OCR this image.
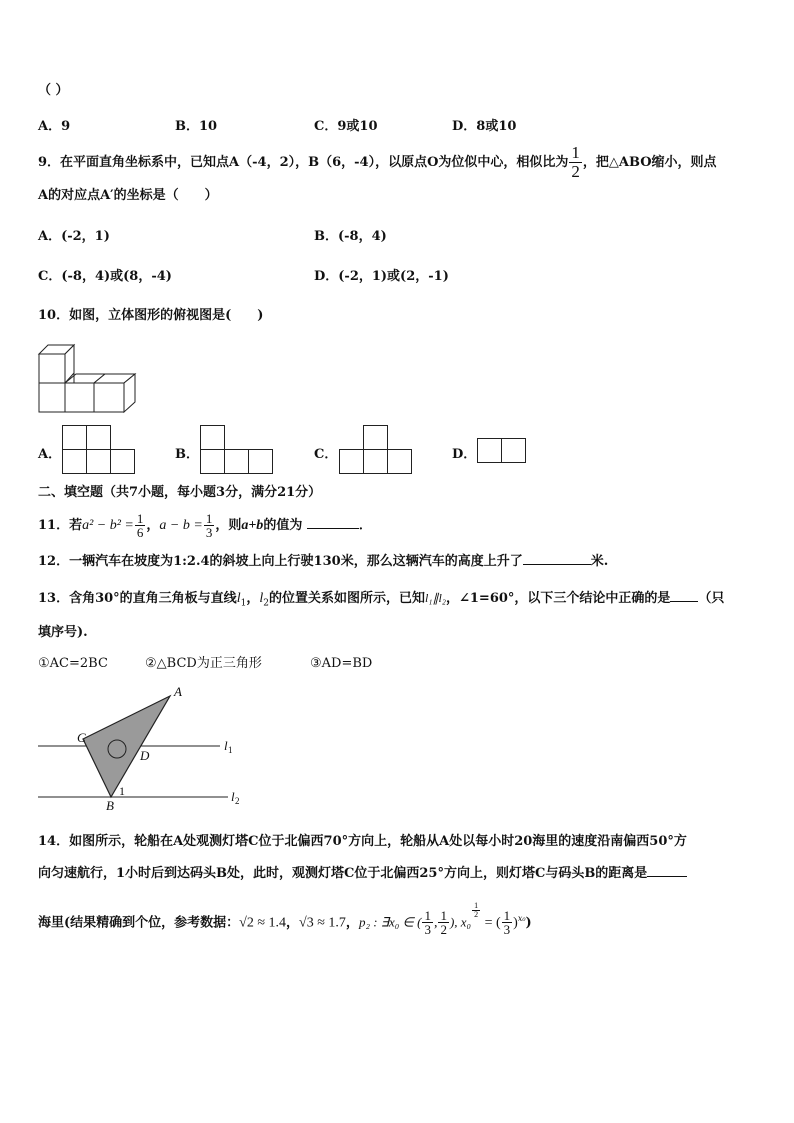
（ ）
A．9	B．10	C．9或10	D．8或10
9．在平面直角坐标系中，已知点A（-4，2），B（6，-4），以原点O为位似中心，相似比为 $\frac{1}{2}$ ，把△ABO缩小，则点
A的对应点A′的坐标是（　　）
A．(-2，1)	B．(-8，4)
C．(-8，4)或(8，-4)	D．(-2，1)或(2，-1)
10．如图，立体图形的俯视图是(　　)
A．	B．	C．	D．
二、填空题（共7小题，每小题3分，满分21分）
11．若$a^2 - b^2 = \frac{1}{6}$ ，$a - b = \frac{1}{3}$ ，则a+b的值为	．
12．一辆汽车在坡度为1:2.4的斜坡上向上行驶130米，那么这辆汽车的高度上升了	米.
13．含角30°的直角三角板与直线$l_1$，$l_2$的位置关系如图所示，已知l₁∥l₂，∠1=60°，以下三个结论中正确的是 （只
填序号).
①AC=2BC	②△BCD为正三角形	③AD=BD
A
C
D
B
l
l
1
2
1
14．如图所示，轮船在A处观测灯塔C位于北偏西70°方向上，轮船从A处以每小时20海里的速度沿南偏西50°方
向匀速航行，1小时后到达码头B处，此时，观测灯塔C位于北偏西25°方向上，则灯塔C与码头B的距离是
海里(结果精确到个位，参考数据：√2 ≈ 1.4，√3 ≈ 1.7，p₂ : ∃x₀ ∈ ( $\frac{1}{3}$ , $\frac{1}{2}$ ), x₀
$\frac{1}{2}$
= ( $\frac{1}{3} )^{x_0}$)
